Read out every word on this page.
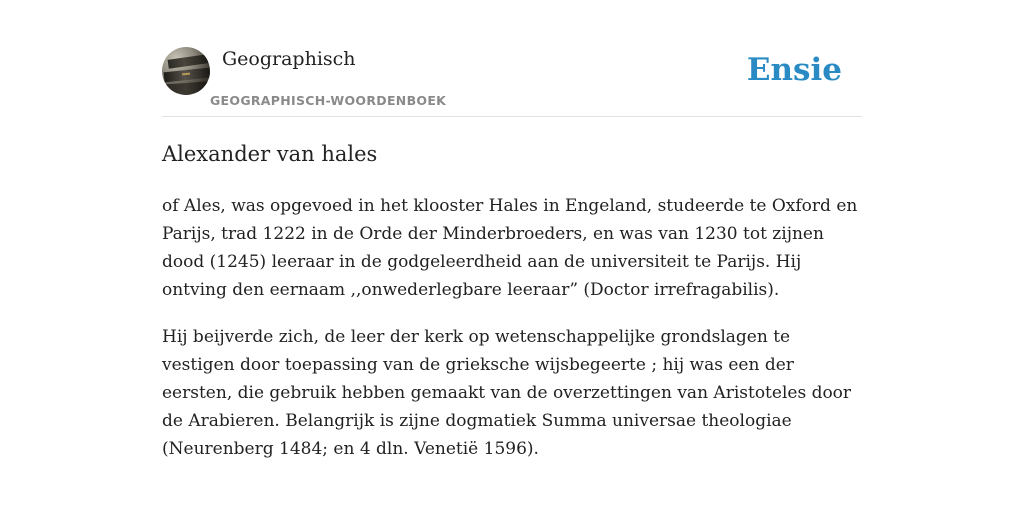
Geographisch
GEOGRAPHISCH-WOORDENBOEK
Ensie
Alexander van hales

of Ales, was opgevoed in het klooster Hales in Engeland, studeerde te Oxford en Parijs, trad 1222 in de Orde der Minderbroeders, en was van 1230 tot zijnen dood (1245) leeraar in de godgeleerdheid aan de universiteit te Parijs. Hij ontving den eernaam ,,onwederlegbare leeraar” (Doctor irrefragabilis).

Hij beijverde zich, de leer der kerk op wetenschappelijke grondslagen te vestigen door toepassing van de grieksche wijsbegeerte ; hij was een der eersten, die gebruik hebben gemaakt van de overzettingen van Aristoteles door de Arabieren. Belangrijk is zijne dogmatiek Summa universae theologiae (Neurenberg 1484; en 4 dln. Venetië 1596).
